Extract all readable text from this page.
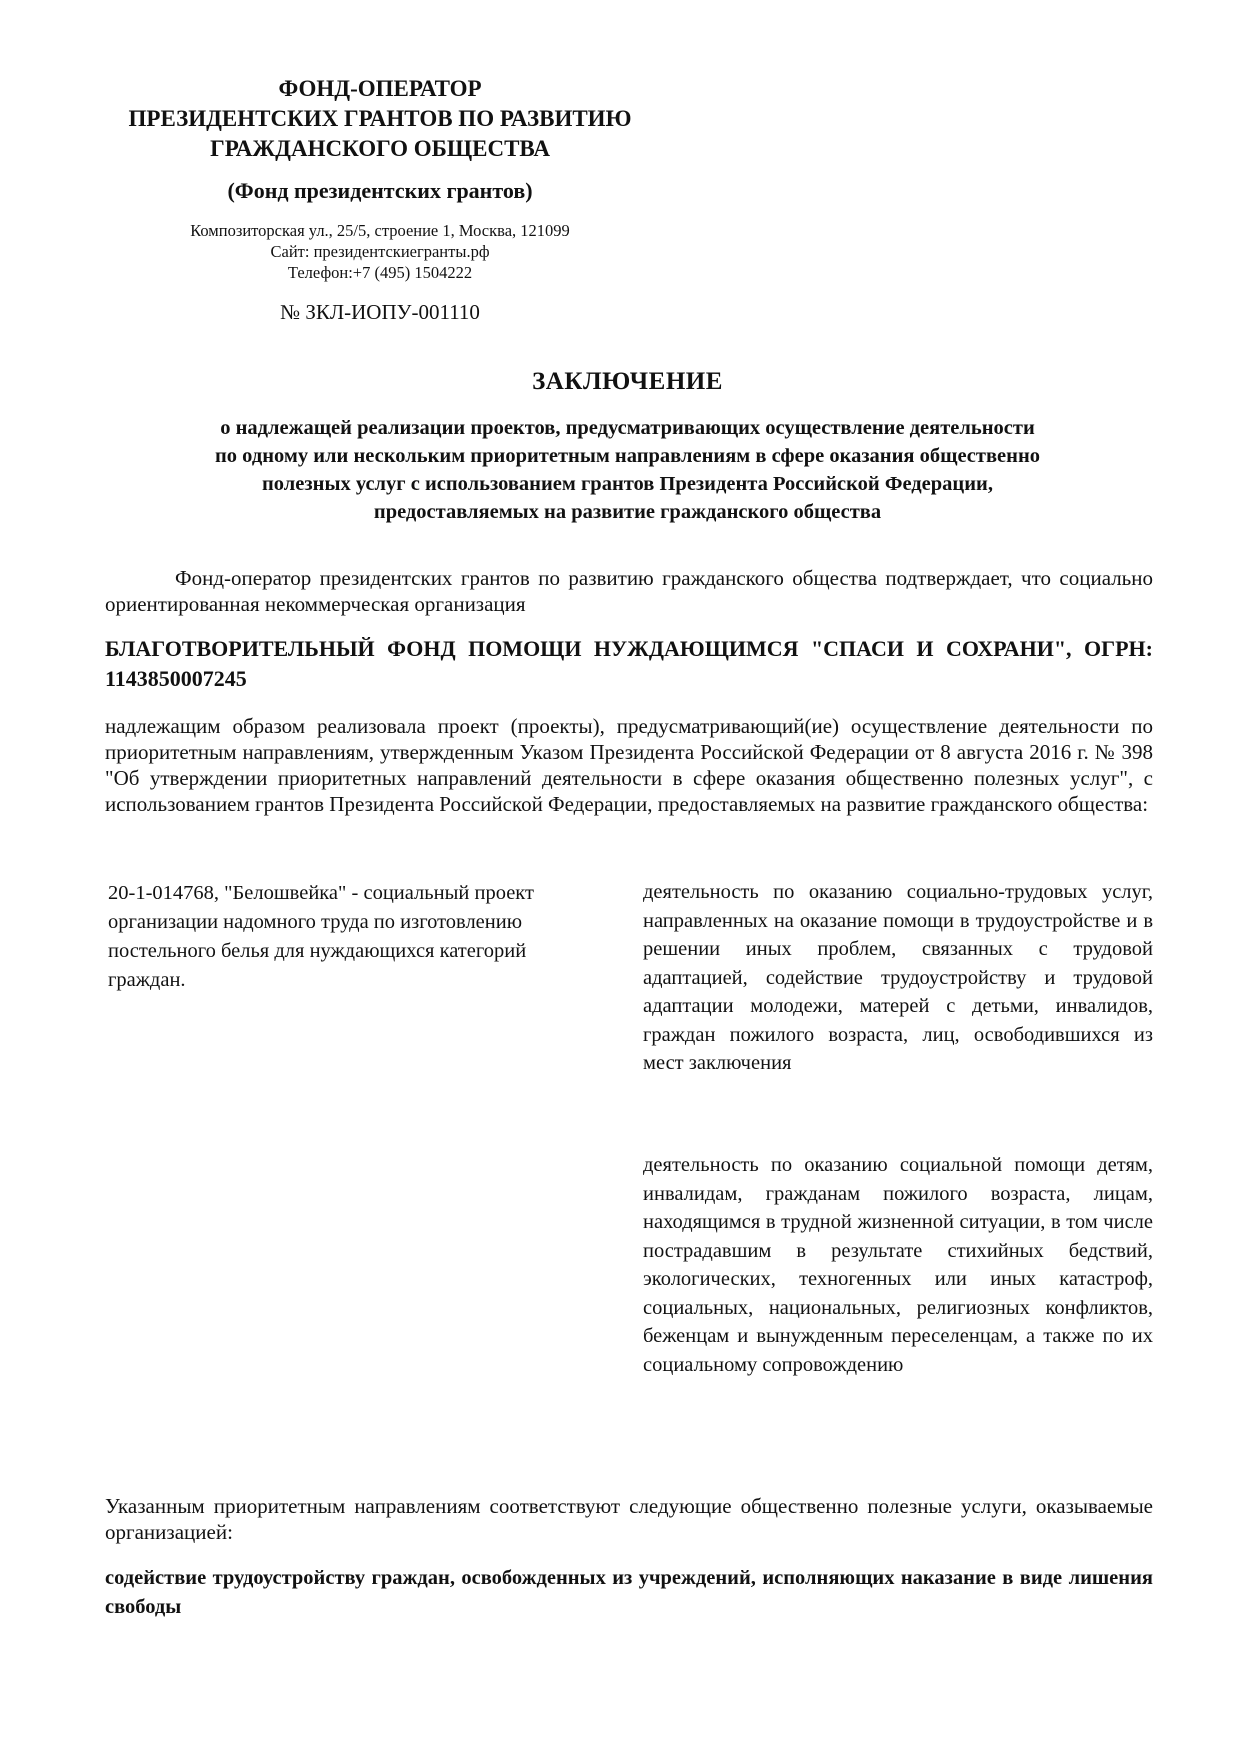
ФОНД-ОПЕРАТОР
ПРЕЗИДЕНТСКИХ ГРАНТОВ ПО РАЗВИТИЮ
ГРАЖДАНСКОГО ОБЩЕСТВА
(Фонд президентских грантов)
Композиторская ул., 25/5, строение 1, Москва, 121099
Сайт: президентскиегранты.рф
Телефон:+7 (495) 1504222
№ ЗКЛ-ИОПУ-001110
ЗАКЛЮЧЕНИЕ
о надлежащей реализации проектов, предусматривающих осуществление деятельности
по одному или нескольким приоритетным направлениям в сфере оказания общественно
полезных услуг с использованием грантов Президента Российской Федерации,
предоставляемых на развитие гражданского общества
Фонд-оператор президентских грантов по развитию гражданского общества подтверждает, что социально ориентированная некоммерческая организация
БЛАГОТВОРИТЕЛЬНЫЙ ФОНД ПОМОЩИ НУЖДАЮЩИМСЯ "СПАСИ И СОХРАНИ", ОГРН: 1143850007245
надлежащим образом реализовала проект (проекты), предусматривающий(ие) осуществление деятельности по приоритетным направлениям, утвержденным Указом Президента Российской Федерации от 8 августа 2016 г. № 398 "Об утверждении приоритетных направлений деятельности в сфере оказания общественно полезных услуг", с использованием грантов Президента Российской Федерации, предоставляемых на развитие гражданского общества:
20-1-014768, "Белошвейка" - социальный проект организации надомного труда по изготовлению постельного белья для нуждающихся категорий граждан.
деятельность по оказанию социально-трудовых услуг, направленных на оказание помощи в трудоустройстве и в решении иных проблем, связанных с трудовой адаптацией, содействие трудоустройству и трудовой адаптации молодежи, матерей с детьми, инвалидов, граждан пожилого возраста, лиц, освободившихся из мест заключения
деятельность по оказанию социальной помощи детям, инвалидам, гражданам пожилого возраста, лицам, находящимся в трудной жизненной ситуации, в том числе пострадавшим в результате стихийных бедствий, экологических, техногенных или иных катастроф, социальных, национальных, религиозных конфликтов, беженцам и вынужденным переселенцам, а также по их социальному сопровождению
Указанным приоритетным направлениям соответствуют следующие общественно полезные услуги, оказываемые организацией:
содействие трудоустройству граждан, освобожденных из учреждений, исполняющих наказание в виде лишения свободы
